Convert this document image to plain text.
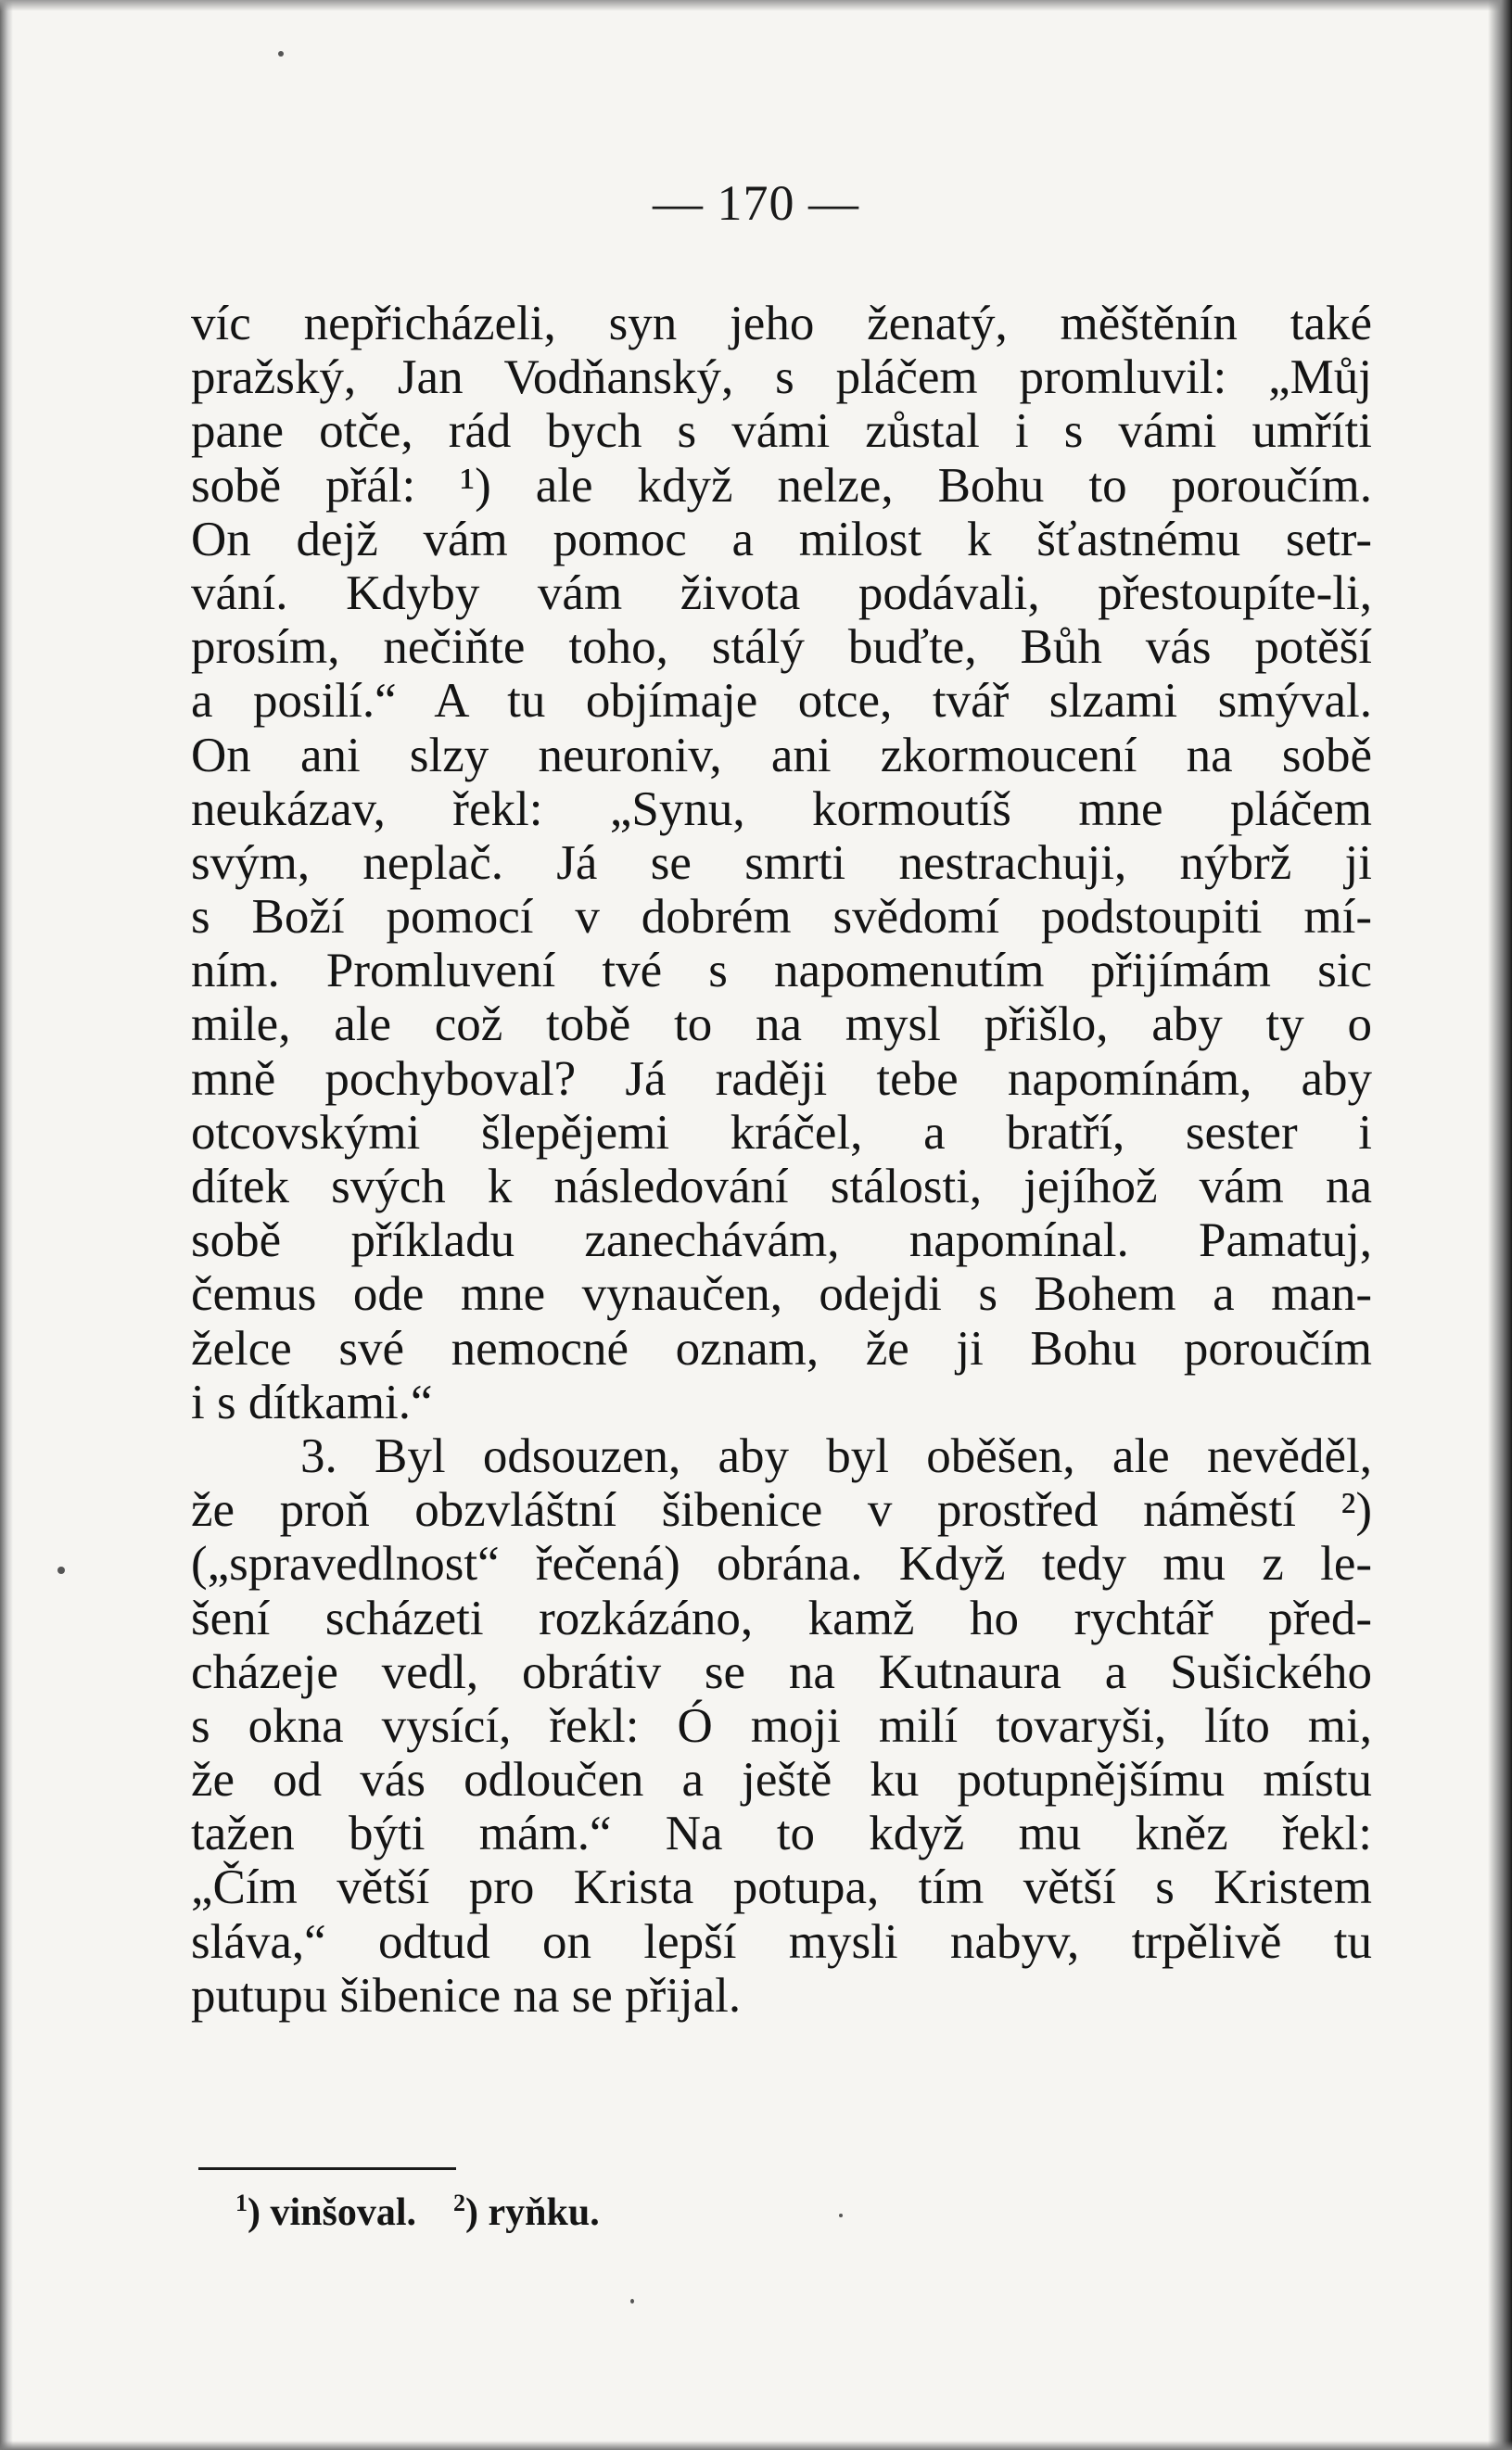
— 170 —
víc nepřicházeli, syn jeho ženatý, měštěnín také
pražský, Jan Vodňanský, s pláčem promluvil: „Můj
pane otče, rád bych s vámi zůstal i s vámi umříti
sobě přál: ¹) ale když nelze, Bohu to poroučím.
On dejž vám pomoc a milost k šťastnému setr-
vání. Kdyby vám života podávali, přestoupíte-li,
prosím, nečiňte toho, stálý buďte, Bůh vás potěší
a posilí.“ A tu objímaje otce, tvář slzami smýval.
On ani slzy neuroniv, ani zkormoucení na sobě
neukázav, řekl: „Synu, kormoutíš mne pláčem
svým, neplač. Já se smrti nestrachuji, nýbrž ji
s Boží pomocí v dobrém svědomí podstoupiti mí-
ním. Promluvení tvé s napomenutím přijímám sic
mile, ale což tobě to na mysl přišlo, aby ty o
mně pochyboval? Já raději tebe napomínám, aby
otcovskými šlepějemi kráčel, a bratří, sester i
dítek svých k následování stálosti, jejíhož vám na
sobě příkladu zanechávám, napomínal. Pamatuj,
čemus ode mne vynaučen, odejdi s Bohem a man-
želce své nemocné oznam, že ji Bohu poroučím
i s dítkami.“
3. Byl odsouzen, aby byl oběšen, ale nevěděl,
že proň obzvláštní šibenice v prostřed náměstí ²)
(„spravedlnost“ řečená) obrána. Když tedy mu z le-
šení scházeti rozkázáno, kamž ho rychtář před-
cházeje vedl, obrátiv se na Kutnaura a Sušického
s okna vysící, řekl: Ó moji milí tovaryši, líto mi,
že od vás odloučen a ještě ku potupnějšímu místu
tažen býti mám.“ Na to když mu kněz řekl:
„Čím větší pro Krista potupa, tím větší s Kristem
sláva,“ odtud on lepší mysli nabyv, trpělivě tu
putupu šibenice na se přijal.
$^1$) vinšoval. $^2$) ryňku.
